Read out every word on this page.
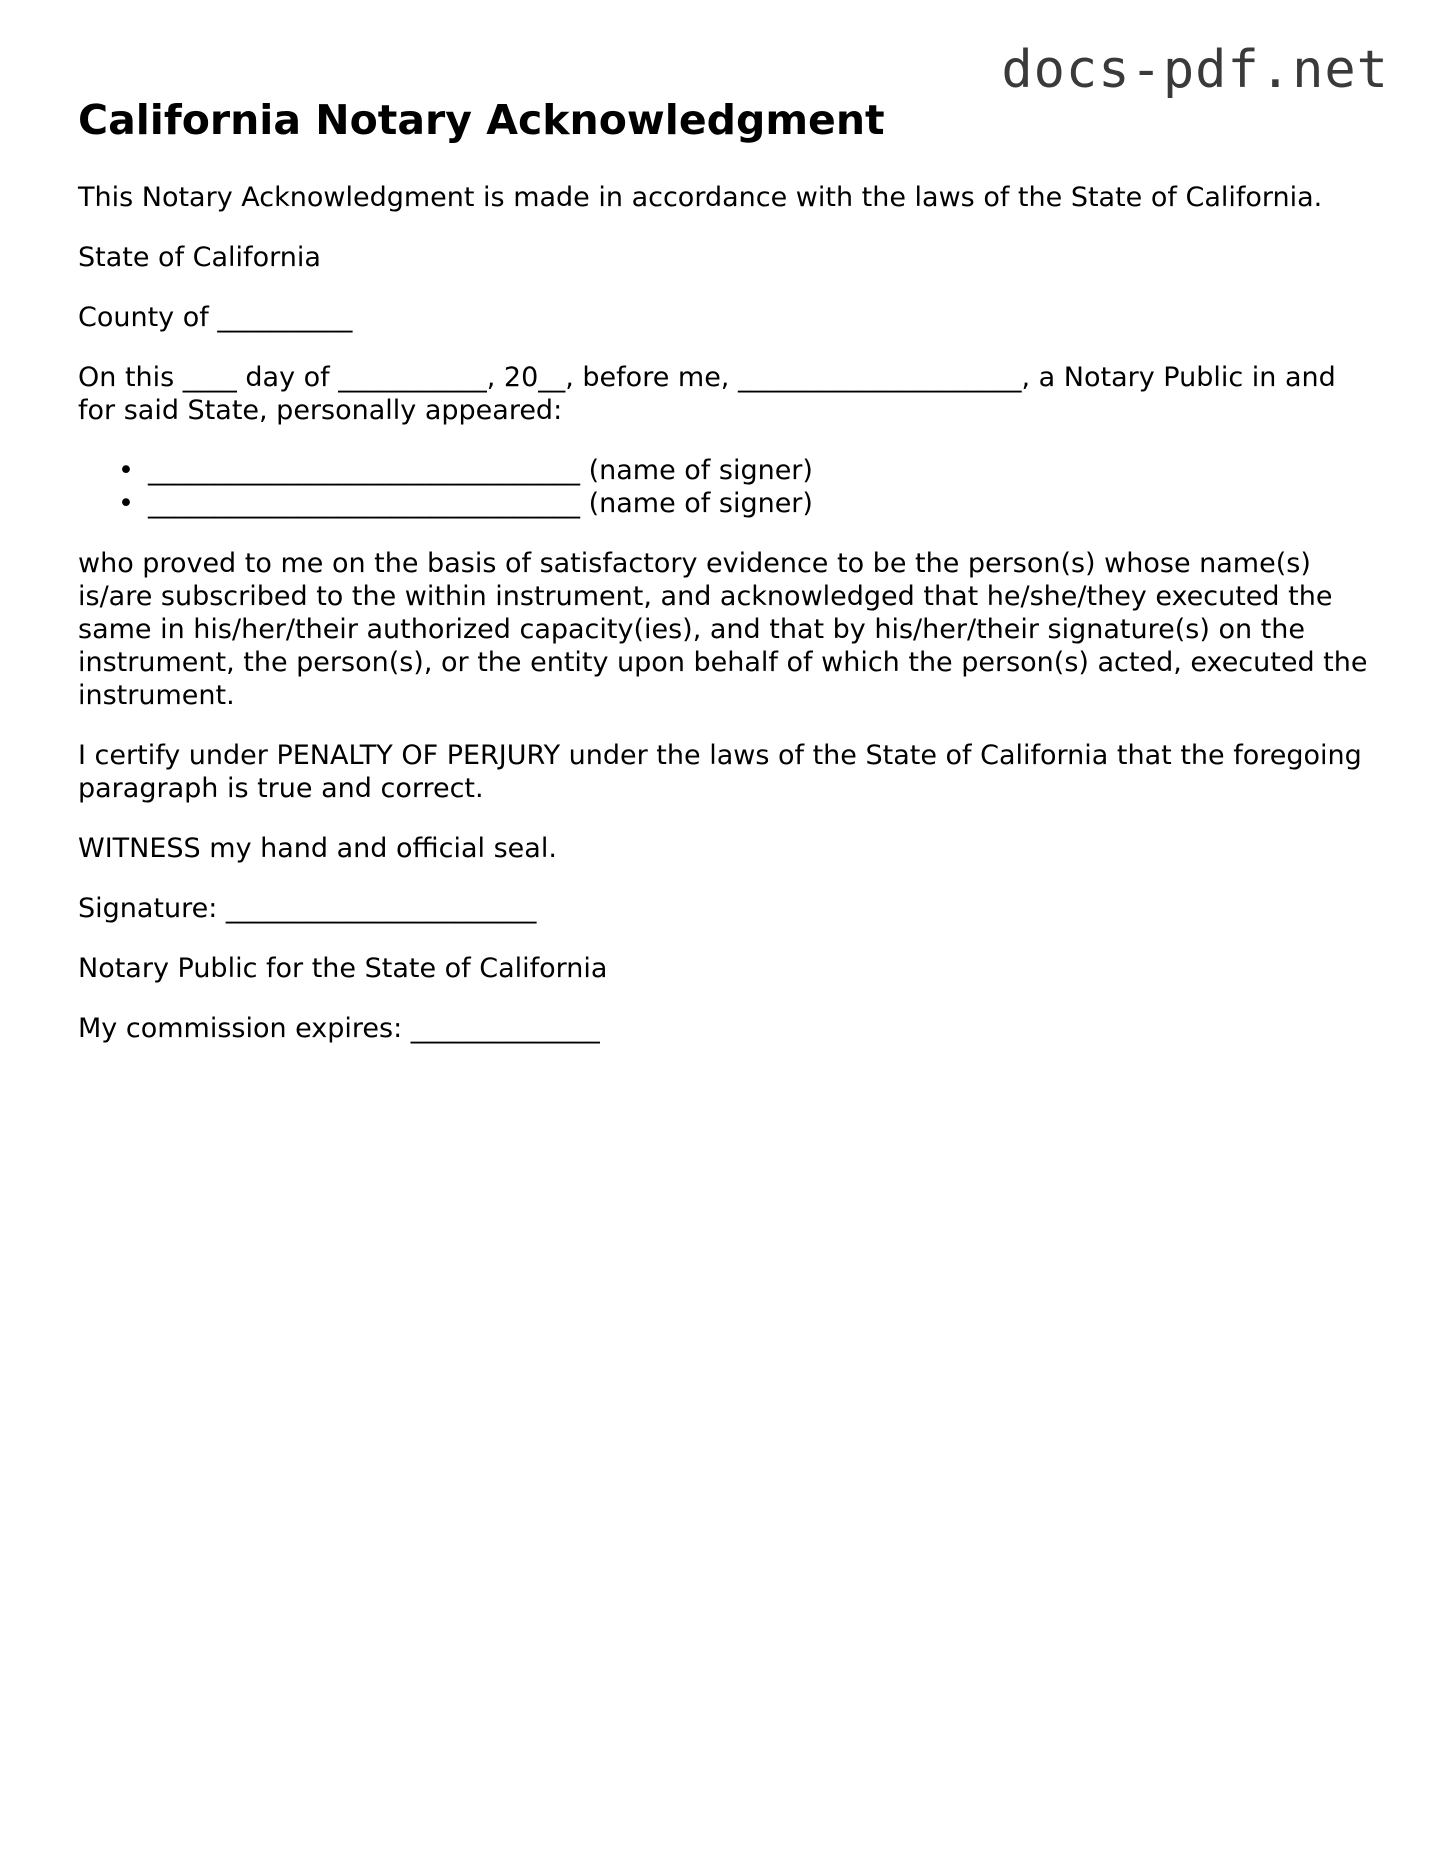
docs-pdf.net
California Notary Acknowledgment

This Notary Acknowledgment is made in accordance with the laws of the State of California.

State of California

County of __________

On this ____ day of ___________, 20__, before me, _____________________, a Notary Public in and for said State, personally appeared:

• ________________________________ (name of signer)
• ________________________________ (name of signer)

who proved to me on the basis of satisfactory evidence to be the person(s) whose name(s) is/are subscribed to the within instrument, and acknowledged that he/she/they executed the same in his/her/their authorized capacity(ies), and that by his/her/their signature(s) on the instrument, the person(s), or the entity upon behalf of which the person(s) acted, executed the instrument.

I certify under PENALTY OF PERJURY under the laws of the State of California that the foregoing paragraph is true and correct.

WITNESS my hand and official seal.

Signature: _______________________

Notary Public for the State of California

My commission expires: ______________
